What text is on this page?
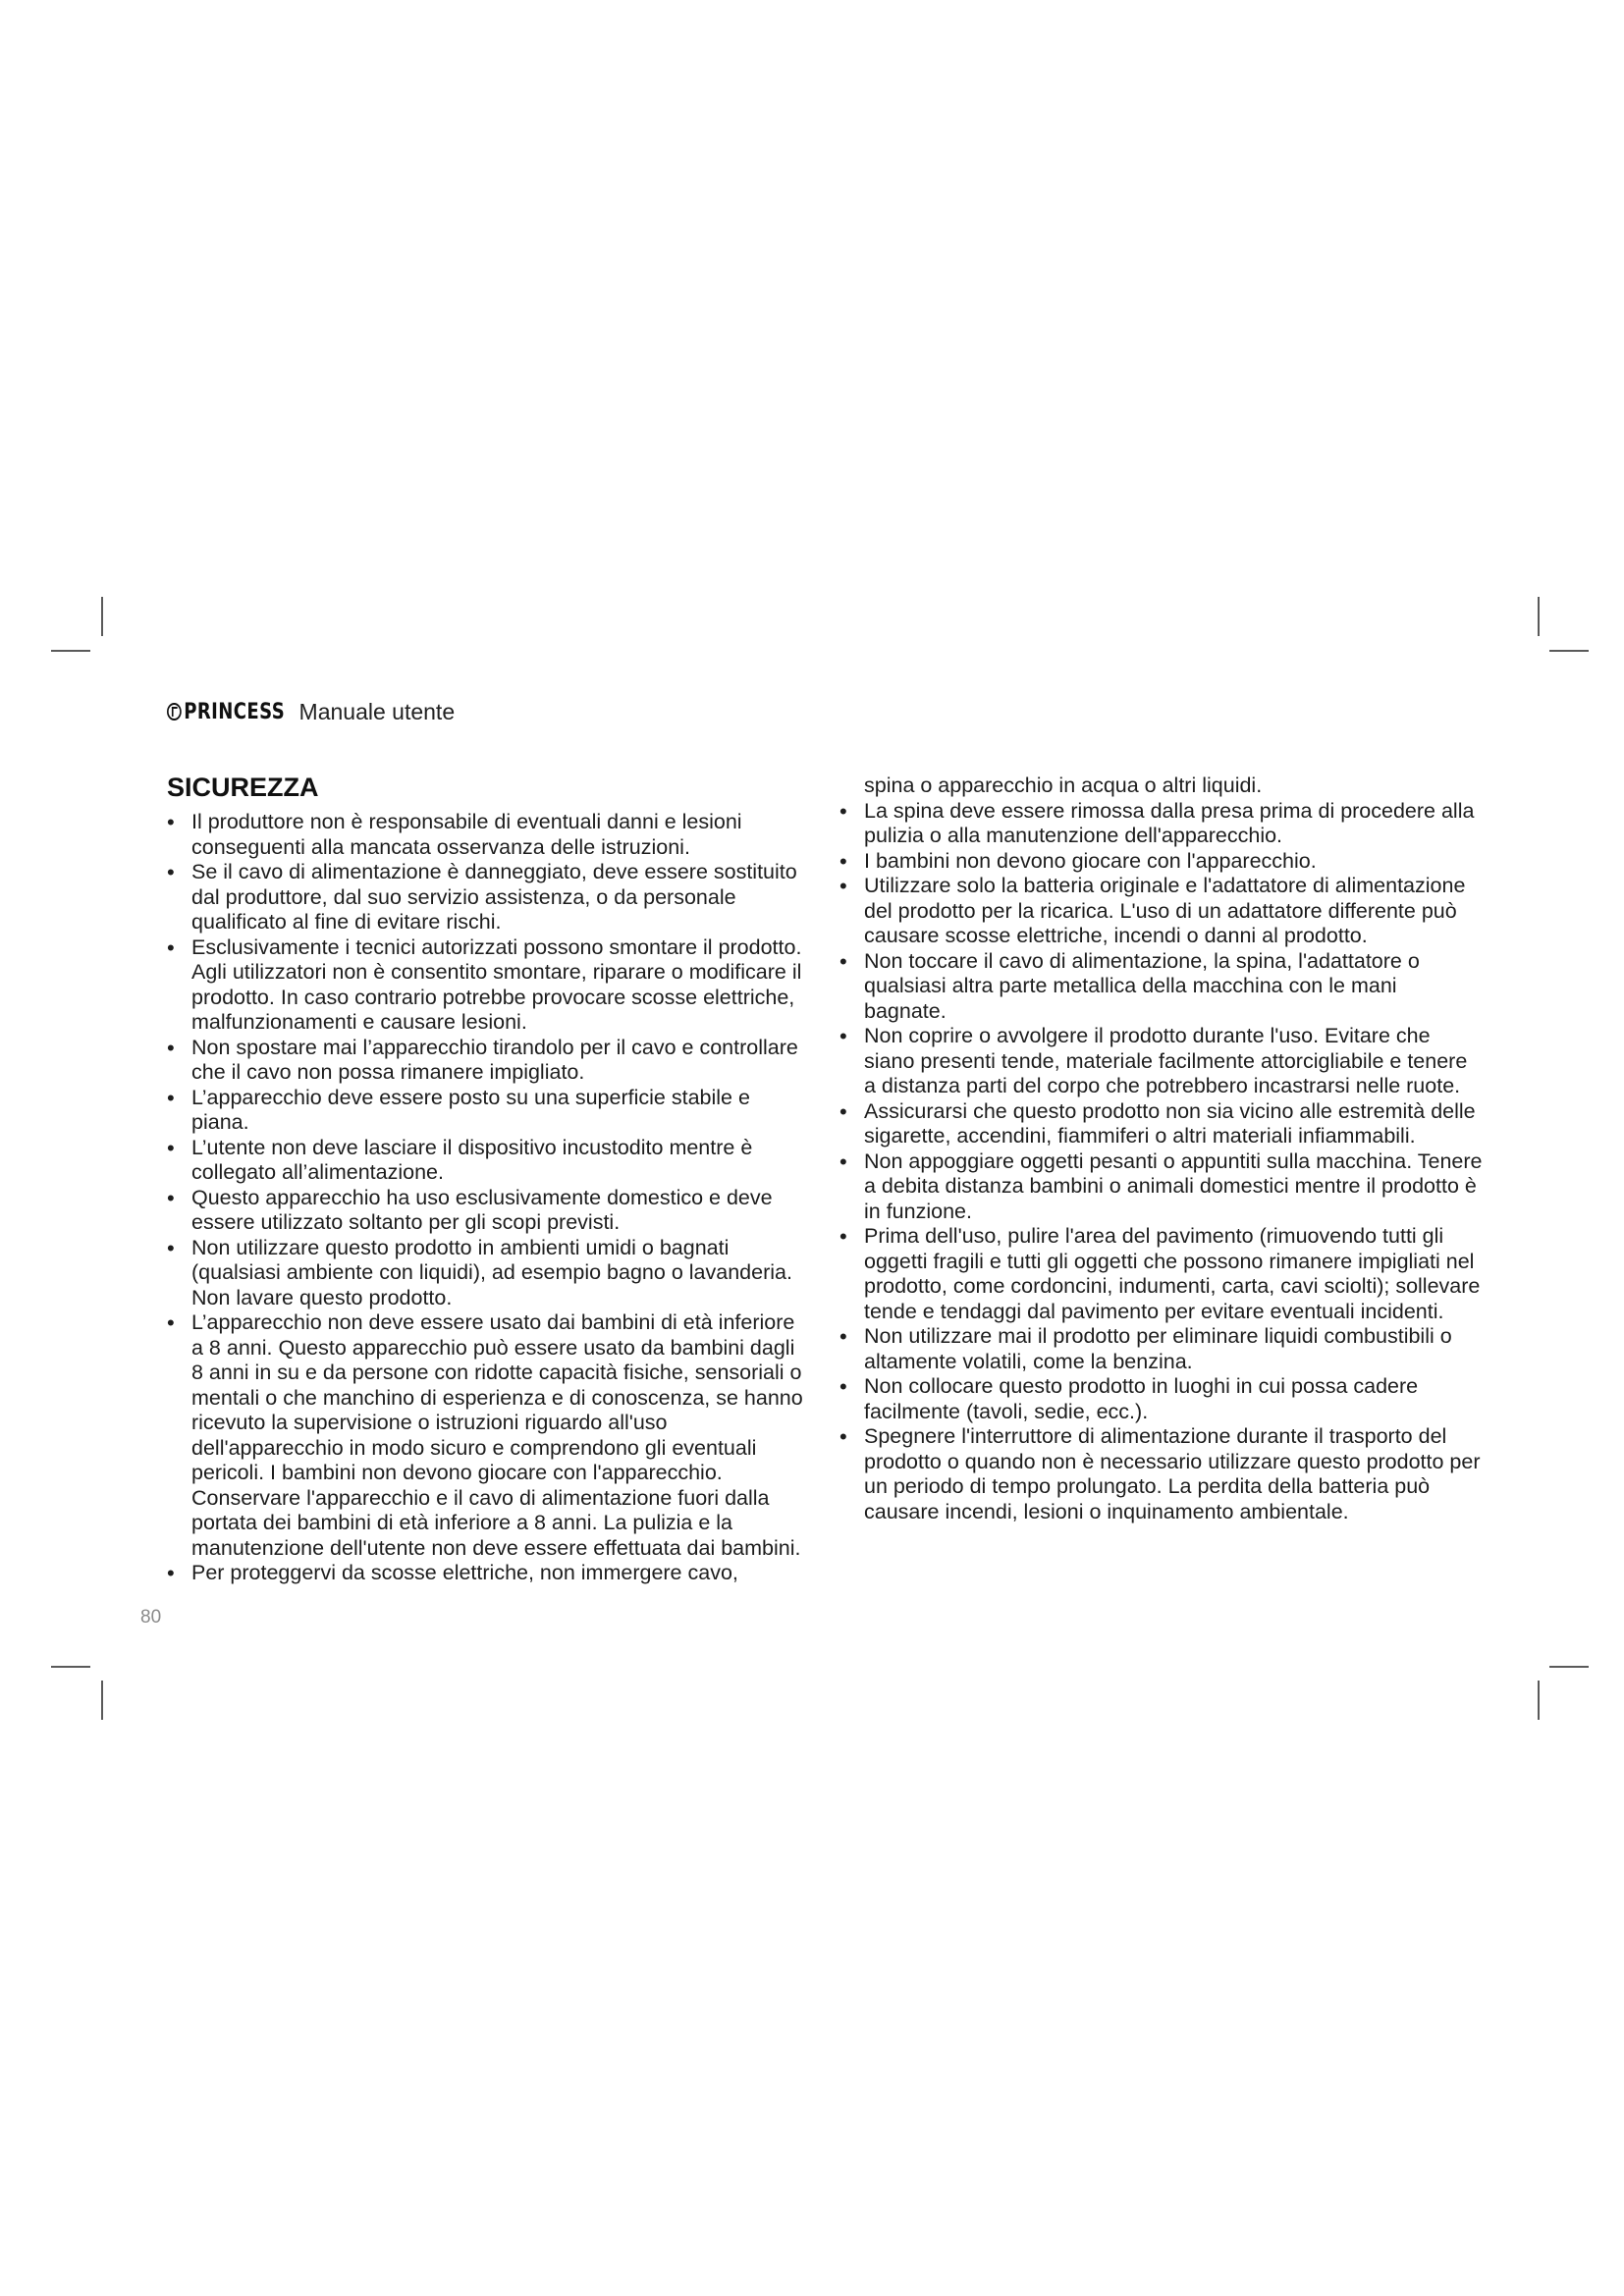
PRINCESS Manuale utente
SICUREZZA
• Il produttore non è responsabile di eventuali danni e lesioni conseguenti alla mancata osservanza delle istruzioni.
• Se il cavo di alimentazione è danneggiato, deve essere sostituito dal produttore, dal suo servizio assistenza, o da personale qualificato al fine di evitare rischi.
• Esclusivamente i tecnici autorizzati possono smontare il prodotto. Agli utilizzatori non è consentito smontare, riparare o modificare il prodotto. In caso contrario potrebbe provocare scosse elettriche, malfunzionamenti e causare lesioni.
• Non spostare mai l’apparecchio tirandolo per il cavo e controllare che il cavo non possa rimanere impigliato.
• L’apparecchio deve essere posto su una superficie stabile e piana.
• L’utente non deve lasciare il dispositivo incustodito mentre è collegato all’alimentazione.
• Questo apparecchio ha uso esclusivamente domestico e deve essere utilizzato soltanto per gli scopi previsti.
• Non utilizzare questo prodotto in ambienti umidi o bagnati (qualsiasi ambiente con liquidi), ad esempio bagno o lavanderia. Non lavare questo prodotto.
• L’apparecchio non deve essere usato dai bambini di età inferiore a 8 anni. Questo apparecchio può essere usato da bambini dagli 8 anni in su e da persone con ridotte capacità fisiche, sensoriali o mentali o che manchino di esperienza e di conoscenza, se hanno ricevuto la supervisione o istruzioni riguardo all'uso dell'apparecchio in modo sicuro e comprendono gli eventuali pericoli. I bambini non devono giocare con l'apparecchio. Conservare l'apparecchio e il cavo di alimentazione fuori dalla portata dei bambini di età inferiore a 8 anni. La pulizia e la manutenzione dell'utente non deve essere effettuata dai bambini.
• Per proteggervi da scosse elettriche, non immergere cavo,
spina o apparecchio in acqua o altri liquidi.
• La spina deve essere rimossa dalla presa prima di procedere alla pulizia o alla manutenzione dell'apparecchio.
• I bambini non devono giocare con l'apparecchio.
• Utilizzare solo la batteria originale e l'adattatore di alimentazione del prodotto per la ricarica. L'uso di un adattatore differente può causare scosse elettriche, incendi o danni al prodotto.
• Non toccare il cavo di alimentazione, la spina, l'adattatore o qualsiasi altra parte metallica della macchina con le mani bagnate.
• Non coprire o avvolgere il prodotto durante l'uso. Evitare che siano presenti tende, materiale facilmente attorcigliabile e tenere a distanza parti del corpo che potrebbero incastrarsi nelle ruote.
• Assicurarsi che questo prodotto non sia vicino alle estremità delle sigarette, accendini, fiammiferi o altri materiali infiammabili.
• Non appoggiare oggetti pesanti o appuntiti sulla macchina. Tenere a debita distanza bambini o animali domestici mentre il prodotto è in funzione.
• Prima dell'uso, pulire l'area del pavimento (rimuovendo tutti gli oggetti fragili e tutti gli oggetti che possono rimanere impigliati nel prodotto, come cordoncini, indumenti, carta, cavi sciolti); sollevare tende e tendaggi dal pavimento per evitare eventuali incidenti.
• Non utilizzare mai il prodotto per eliminare liquidi combustibili o altamente volatili, come la benzina.
• Non collocare questo prodotto in luoghi in cui possa cadere facilmente (tavoli, sedie, ecc.).
• Spegnere l'interruttore di alimentazione durante il trasporto del prodotto o quando non è necessario utilizzare questo prodotto per un periodo di tempo prolungato. La perdita della batteria può causare incendi, lesioni o inquinamento ambientale.
80
